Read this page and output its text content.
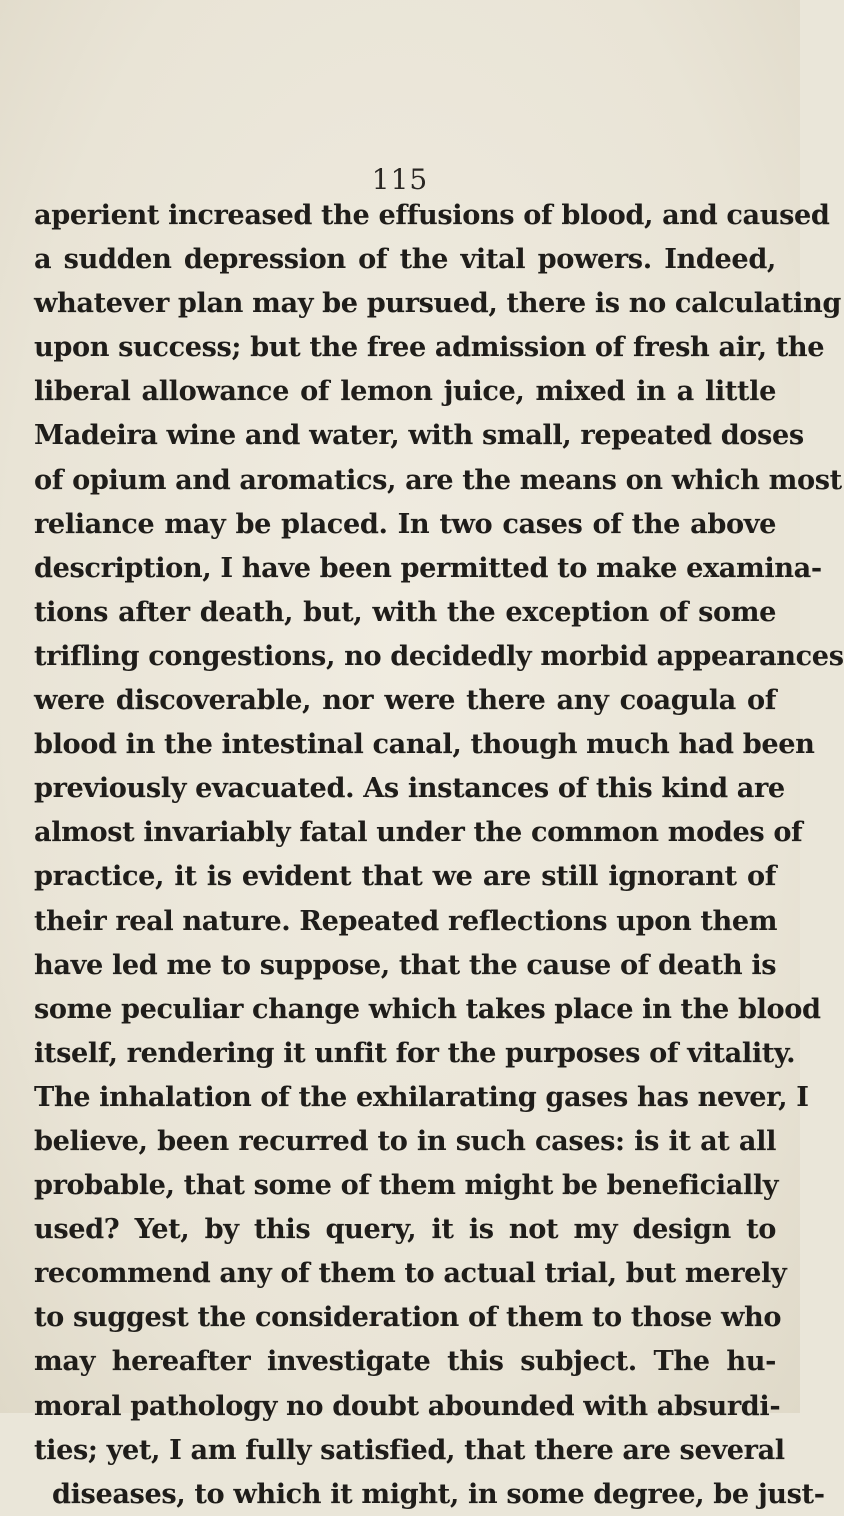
115
aperient increased the effusions of blood, and caused
a sudden depression of the vital powers. Indeed,
whatever plan may be pursued, there is no calculating
upon success; but the free admission of fresh air, the
liberal allowance of lemon juice, mixed in a little
Madeira wine and water, with small, repeated doses
of opium and aromatics, are the means on which most
reliance may be placed. In two cases of the above
description, I have been permitted to make examina-
tions after death, but, with the exception of some
trifling congestions, no decidedly morbid appearances
were discoverable, nor were there any coagula of
blood in the intestinal canal, though much had been
previously evacuated. As instances of this kind are
almost invariably fatal under the common modes of
practice, it is evident that we are still ignorant of
their real nature. Repeated reflections upon them
have led me to suppose, that the cause of death is
some peculiar change which takes place in the blood
itself, rendering it unfit for the purposes of vitality.
The inhalation of the exhilarating gases has never, I
believe, been recurred to in such cases: is it at all
probable, that some of them might be beneficially
used? Yet, by this query, it is not my design to
recommend any of them to actual trial, but merely
to suggest the consideration of them to those who
may hereafter investigate this subject. The hu-
moral pathology no doubt abounded with absurdi-
ties; yet, I am fully satisfied, that there are several
diseases, to which it might, in some degree, be just-
